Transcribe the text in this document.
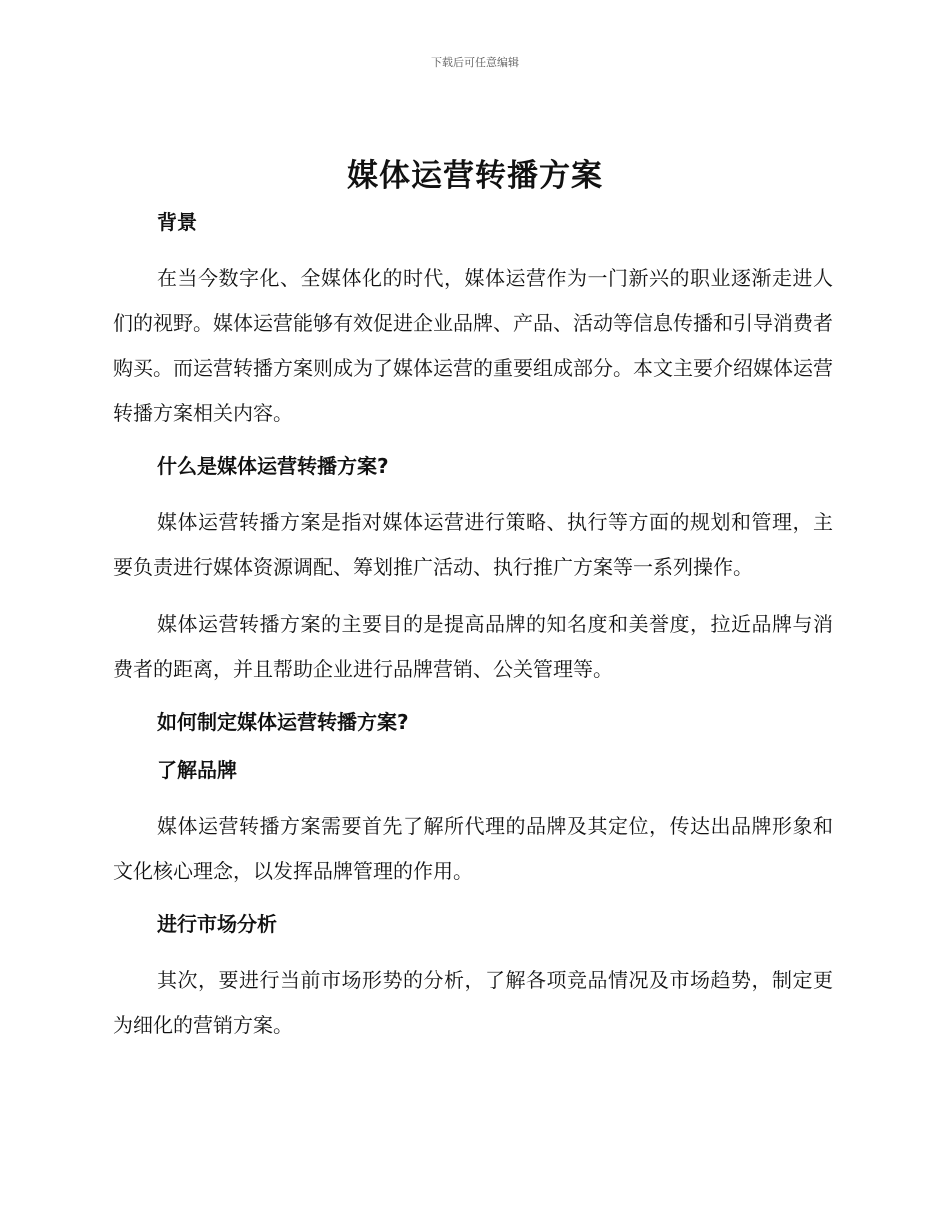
下载后可任意编辑
媒体运营转播方案

背景

在当今数字化、全媒体化的时代，媒体运营作为一门新兴的职业逐渐走进人们的视野。媒体运营能够有效促进企业品牌、产品、活动等信息传播和引导消费者购买。而运营转播方案则成为了媒体运营的重要组成部分。本文主要介绍媒体运营转播方案相关内容。

什么是媒体运营转播方案?

媒体运营转播方案是指对媒体运营进行策略、执行等方面的规划和管理，主要负责进行媒体资源调配、筹划推广活动、执行推广方案等一系列操作。

媒体运营转播方案的主要目的是提高品牌的知名度和美誉度，拉近品牌与消费者的距离，并且帮助企业进行品牌营销、公关管理等。

如何制定媒体运营转播方案?

了解品牌

媒体运营转播方案需要首先了解所代理的品牌及其定位，传达出品牌形象和文化核心理念，以发挥品牌管理的作用。

进行市场分析

其次，要进行当前市场形势的分析，了解各项竞品情况及市场趋势，制定更为细化的营销方案。
